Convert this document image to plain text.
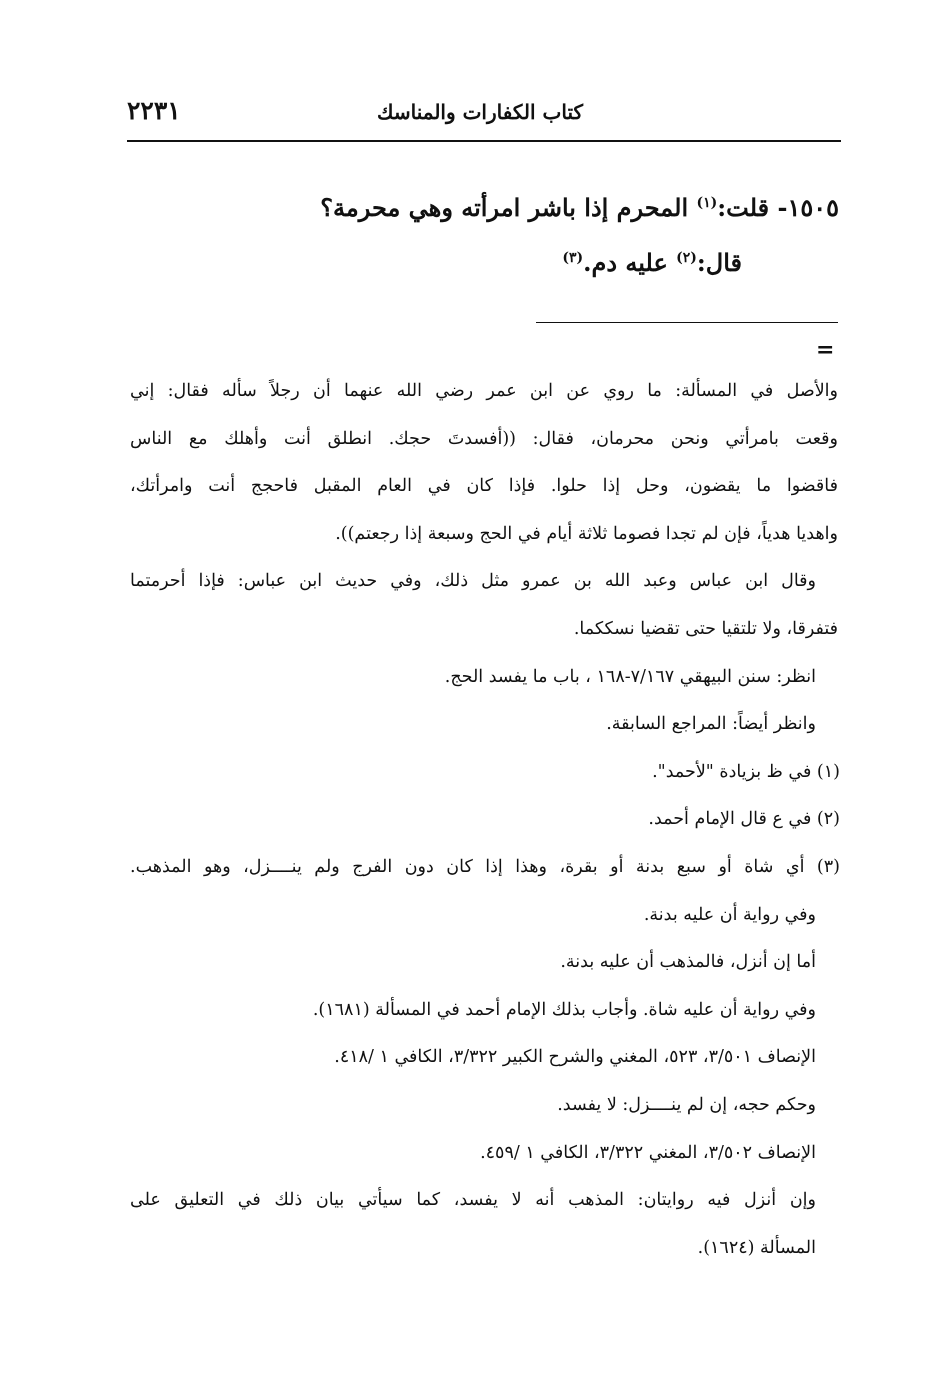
٢٢٣١	كتاب الكفارات والمناسك
١٥٠٥- قلت:$^{(١)}$ المحرم إذا باشر امرأته وهي محرمة؟
قال:$^{(٢)}$ عليه دم.$^{(٣)}$
=
والأصل في المسألة: ما روي عن ابن عمر رضي الله عنهما أن رجلاً سأله فقال: إني
وقعت بامرأتي ونحن محرمان، فقال: ((أفسدتَ حجك. انطلق أنت وأهلك مع الناس
فاقضوا ما يقضون، وحل إذا حلوا. فإذا كان في العام المقبل فاحجج أنت وامرأتك،
واهديا هدياً، فإن لم تجدا فصوما ثلاثة أيام في الحج وسبعة إذا رجعتم)).
وقال ابن عباس وعبد الله بن عمرو مثل ذلك، وفي حديث ابن عباس: فإذا أحرمتما
فتفرقا، ولا تلتقيا حتى تقضيا نسككما.
انظر: سنن البيهقي ٧/١٦٧-١٦٨ ، باب ما يفسد الحج.
وانظر أيضاً: المراجع السابقة.
(١) في ظ بزيادة "لأحمد".
(٢) في ع قال الإمام أحمد.
(٣) أي شاة أو سبع بدنة أو بقرة، وهذا إذا كان دون الفرج ولم ينــــزل، وهو المذهب.
وفي رواية أن عليه بدنة.
أما إن أنزل، فالمذهب أن عليه بدنة.
وفي رواية أن عليه شاة. وأجاب بذلك الإمام أحمد في المسألة (١٦٨١).
الإنصاف ٣/٥٠١، ٥٢٣، المغني والشرح الكبير ٣/٣٢٢، الكافي ١ /٤١٨.
وحكم حجه، إن لم ينــــزل: لا يفسد.
الإنصاف ٣/٥٠٢، المغني ٣/٣٢٢، الكافي ١ /٤٥٩.
وإن أنزل فيه روايتان: المذهب أنه لا يفسد، كما سيأتي بيان ذلك في التعليق على
المسألة (١٦٢٤).
